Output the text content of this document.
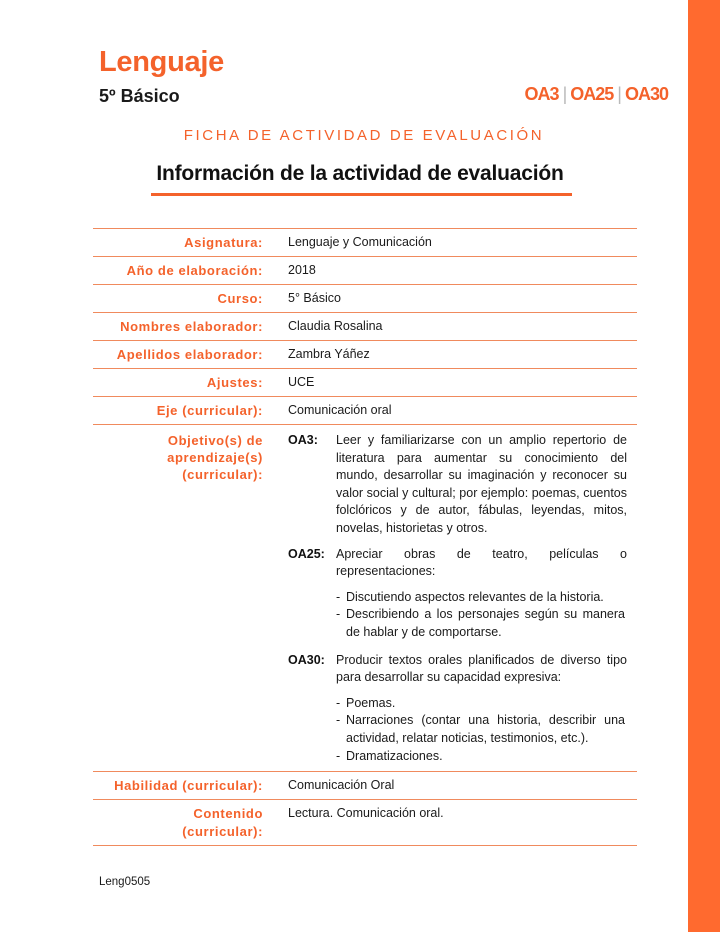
Lenguaje
5º Básico	OA3 | OA25 | OA30
FICHA DE ACTIVIDAD DE EVALUACIÓN
Información de la actividad de evaluación
Asignatura: Lenguaje y Comunicación
Año de elaboración: 2018
Curso: 5° Básico
Nombres elaborador: Claudia Rosalina
Apellidos elaborador: Zambra Yáñez
Ajustes: UCE
Eje (curricular): Comunicación oral
Objetivo(s) de
aprendizaje(s)
(curricular):
OA3:	Leer y familiarizarse con un amplio repertorio de literatura para aumentar su conocimiento del mundo, desarrollar su imaginación y reconocer su valor social y cultural; por ejemplo: poemas, cuentos folclóricos y de autor, fábulas, leyendas, mitos, novelas, historietas y otros.
OA25: Apreciar obras de teatro, películas o representaciones:
- Discutiendo aspectos relevantes de la historia.
- Describiendo a los personajes según su manera de hablar y de comportarse.
OA30: Producir textos orales planificados de diverso tipo para desarrollar su capacidad expresiva:
- Poemas.
- Narraciones (contar una historia, describir una actividad, relatar noticias, testimonios, etc.).
- Dramatizaciones.
Habilidad (curricular): Comunicación Oral
Contenido
(curricular):
Lectura. Comunicación oral.
Leng0505
